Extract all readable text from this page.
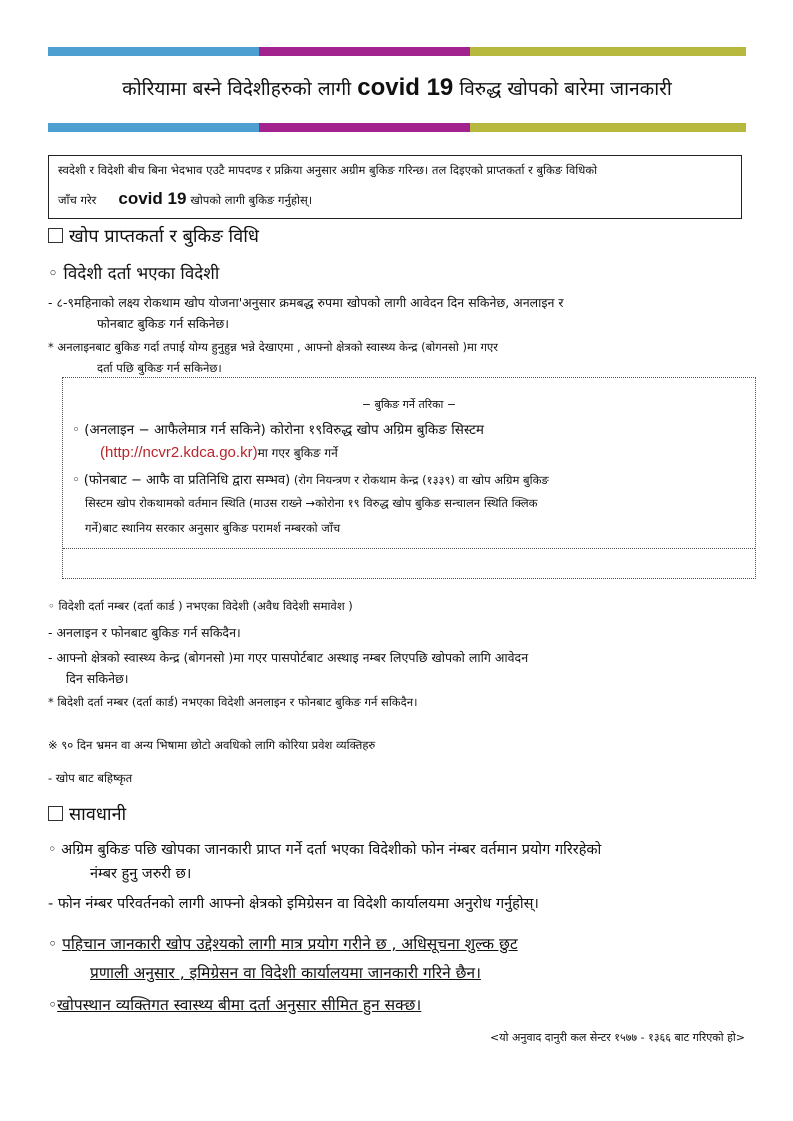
कोरियामा बस्ने विदेशीहरुको लागी covid 19 विरुद्ध खोपको बारेमा जानकारी
स्वदेशी र विदेशी बीच बिना भेदभाव एउटै मापदण्ड र प्रक्रिया अनुसार अग्रीम बुकिङ गरिन्छ। तल दिइएको प्राप्तकर्ता र बुकिङ विधिको
जाँच गरेर covid 19 खोपको लागी बुकिङ गर्नुहोस्।
खोप प्राप्तकर्ता र बुकिङ विधि
◦ विदेशी दर्ता भएका विदेशी
- ८-९महिनाको लक्ष्य रोकथाम खोप योजना'अनुसार क्रमबद्ध रुपमा खोपको लागी आवेदन दिन सकिनेछ, अनलाइन र
फोनबाट बुकिङ गर्न सकिनेछ।
* अनलाइनबाट बुकिङ गर्दा तपाई योग्य हुनुहुन्न भन्ने देखाएमा , आफ्नो क्षेत्रको स्वास्थ्य केन्द्र (बोगनसो )मा गएर
दर्ता पछि बुकिङ गर्न सकिनेछ।
− बुकिङ गर्ने तरिका −
◦ (अनलाइन − आफैलेमात्र गर्न सकिने) कोरोना १९विरुद्ध खोप अग्रिम बुकिङ सिस्टम
(http://ncvr2.kdca.go.kr)मा गएर बुकिङ गर्ने
◦ (फोनबाट − आफै वा प्रतिनिधि द्वारा सम्भव) (रोग नियन्त्रण र रोकथाम केन्द्र (१३३९) वा खोप अग्रिम बुकिङ
सिस्टम खोप रोकथामको वर्तमान स्थिति (माउस राख्ने →कोरोना १९ विरुद्ध खोप बुकिङ सन्चालन स्थिति क्लिक
गर्ने)बाट स्थानिय सरकार अनुसार बुकिङ परामर्श नम्बरको जाँच
◦ विदेशी दर्ता नम्बर (दर्ता कार्ड ) नभएका विदेशी (अवैध विदेशी समावेश )
- अनलाइन र फोनबाट बुकिङ गर्न सकिदैन।
- आफ्नो क्षेत्रको स्वास्थ्य केन्द्र (बोगनसो )मा गएर पासपोर्टबाट अस्थाइ नम्बर लिएपछि खोपको लागि आवेदन
दिन सकिनेछ।
* बिदेशी दर्ता नम्बर (दर्ता कार्ड) नभएका विदेशी अनलाइन र फोनबाट बुकिङ गर्न सकिदैन।
※ ९० दिन भ्रमन वा अन्य भिषामा छोटो अवधिको लागि कोरिया प्रवेश व्यक्तिहरु
- खोप बाट बहिष्कृत
सावधानी
◦ अग्रिम बुकिङ पछि खोपका जानकारी प्राप्त गर्ने दर्ता भएका विदेशीको फोन नंम्बर वर्तमान प्रयोग गरिरहेको
नंम्बर हुनु जरुरी छ।
- फोन नंम्बर परिवर्तनको लागी आफ्नो क्षेत्रको इमिग्रेसन वा विदेशी कार्यालयमा अनुरोध गर्नुहोस्।
◦ पहिचान जानकारी खोप उद्देश्यको लागी मात्र प्रयोग गरीने छ , अधिसूचना शुल्क छुट
प्रणाली अनुसार , इमिग्रेसन वा विदेशी कार्यालयमा जानकारी गरिने छैन।
◦खोपस्थान व्यक्तिगत स्वास्थ्य बीमा दर्ता अनुसार सीमित हुन सक्छ।
<यो अनुवाद दानुरी कल सेन्टर १५७७ - १३६६ बाट गरिएको हो>
